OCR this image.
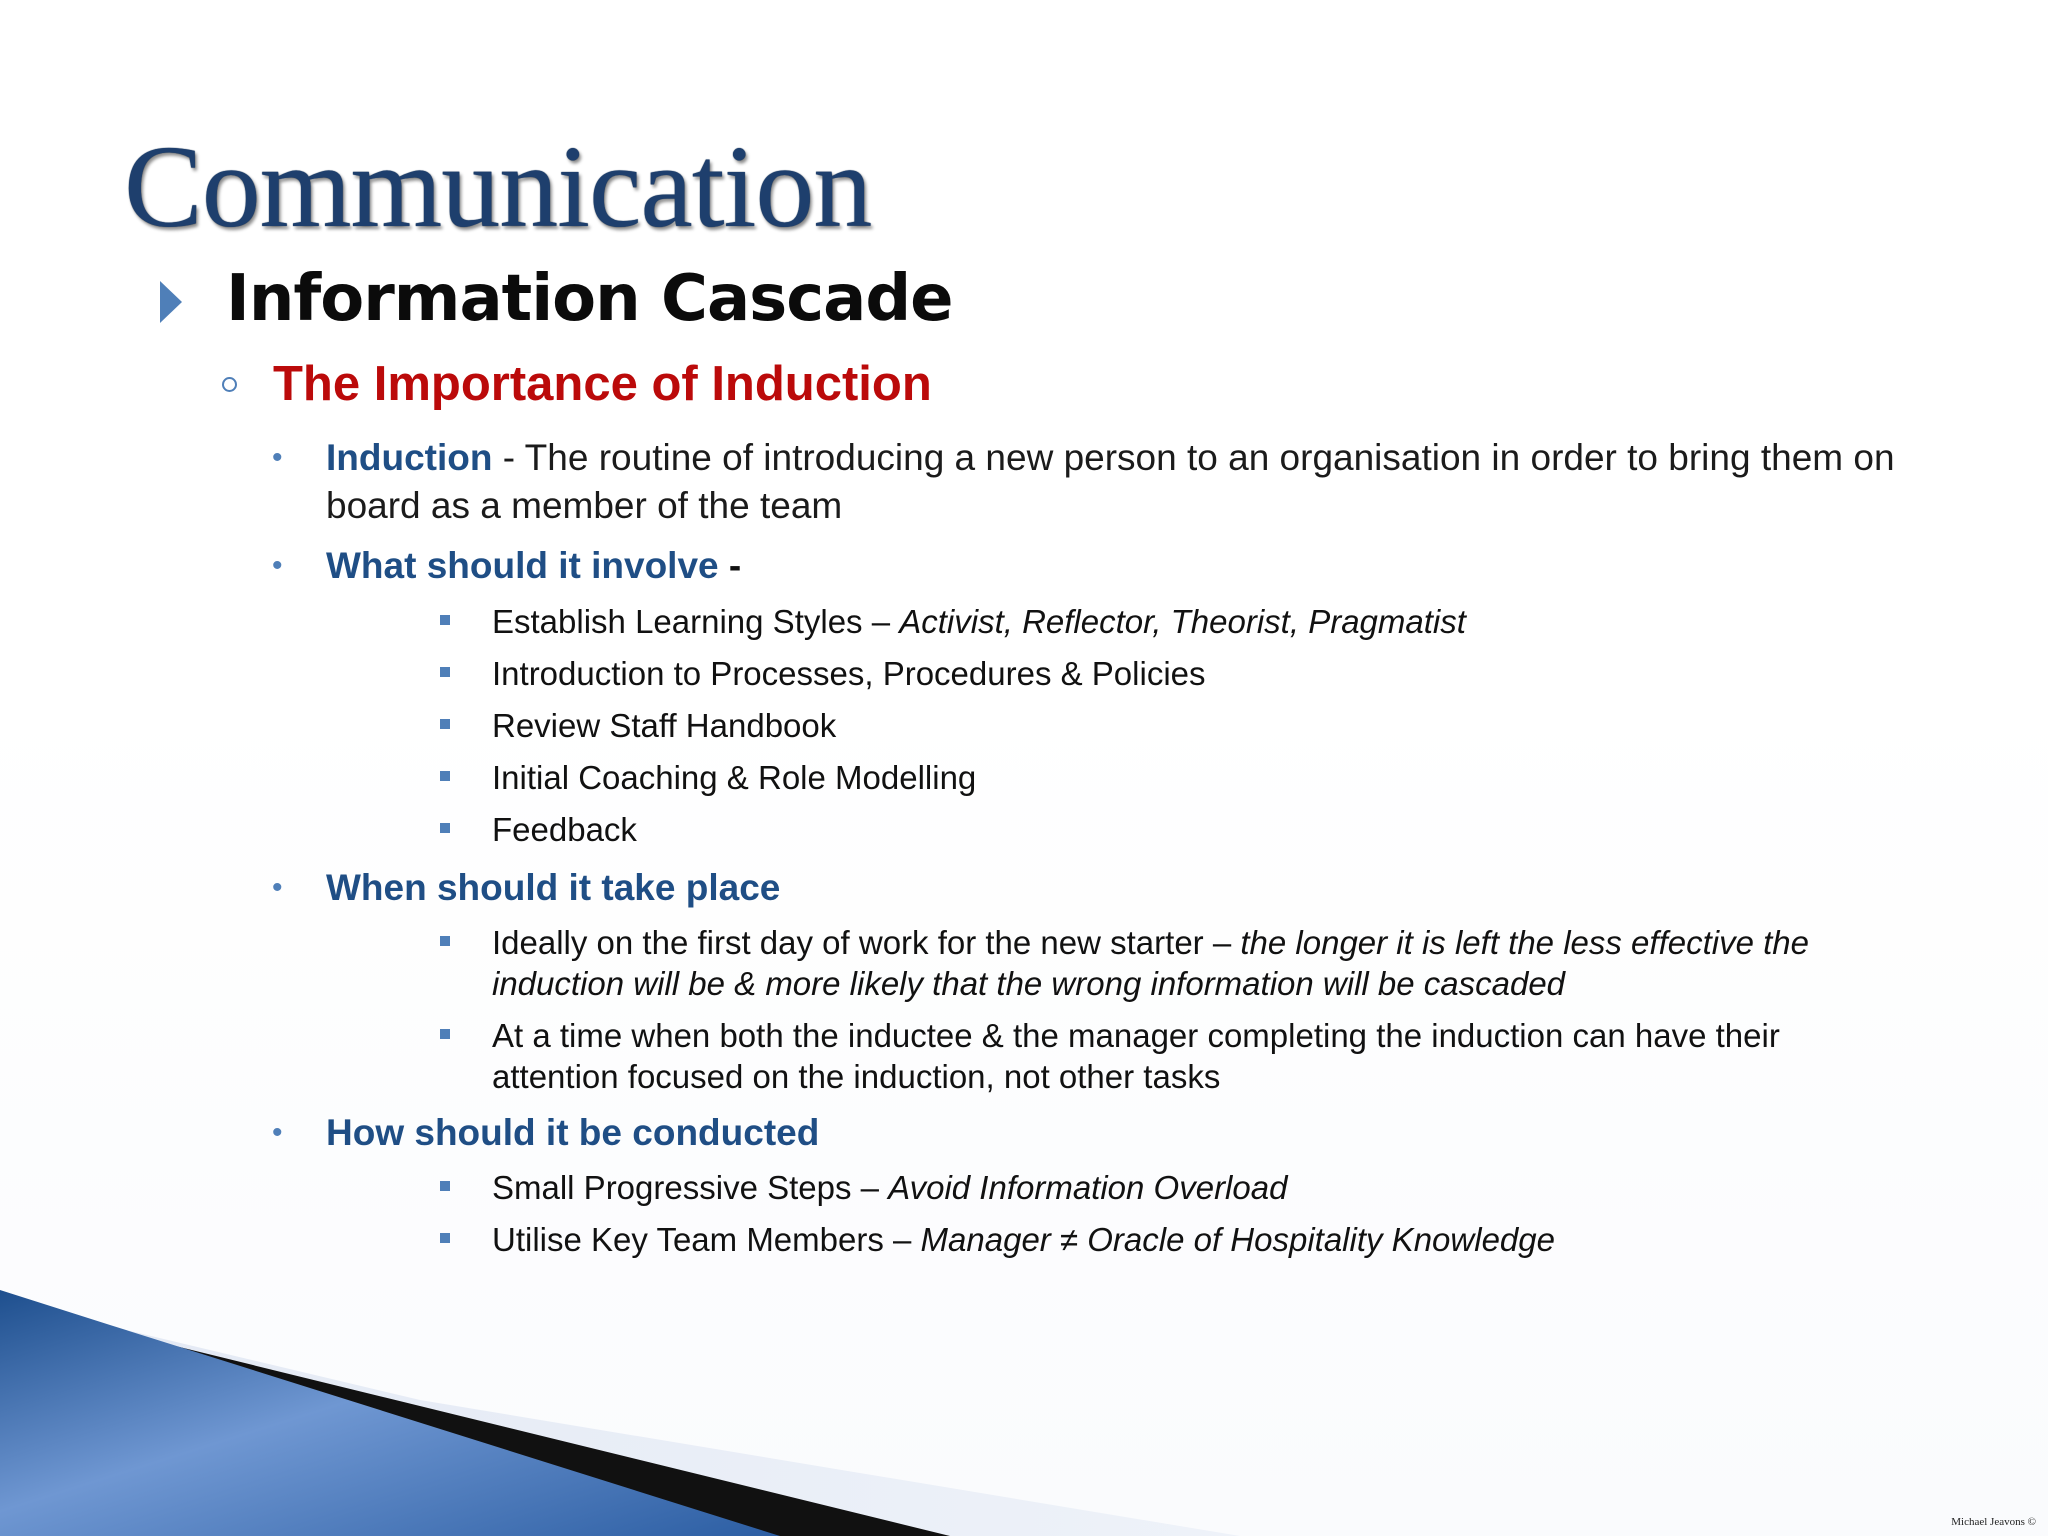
Communication
Information Cascade
The Importance of Induction
• Induction - The routine of introducing a new person to an organisation in order to bring them on board as a member of the team
• What should it involve -
Establish Learning Styles – Activist, Reflector, Theorist, Pragmatist
Introduction to Processes, Procedures & Policies
Review Staff Handbook
Initial Coaching & Role Modelling
Feedback
• When should it take place
Ideally on the first day of work for the new starter – the longer it is left the less effective the induction will be & more likely that the wrong information will be cascaded
At a time when both the inductee & the manager completing the induction can have their attention focused on the induction, not other tasks
• How should it be conducted
Small Progressive Steps – Avoid Information Overload
Utilise Key Team Members – Manager ≠ Oracle of Hospitality Knowledge
Michael Jeavons ©
